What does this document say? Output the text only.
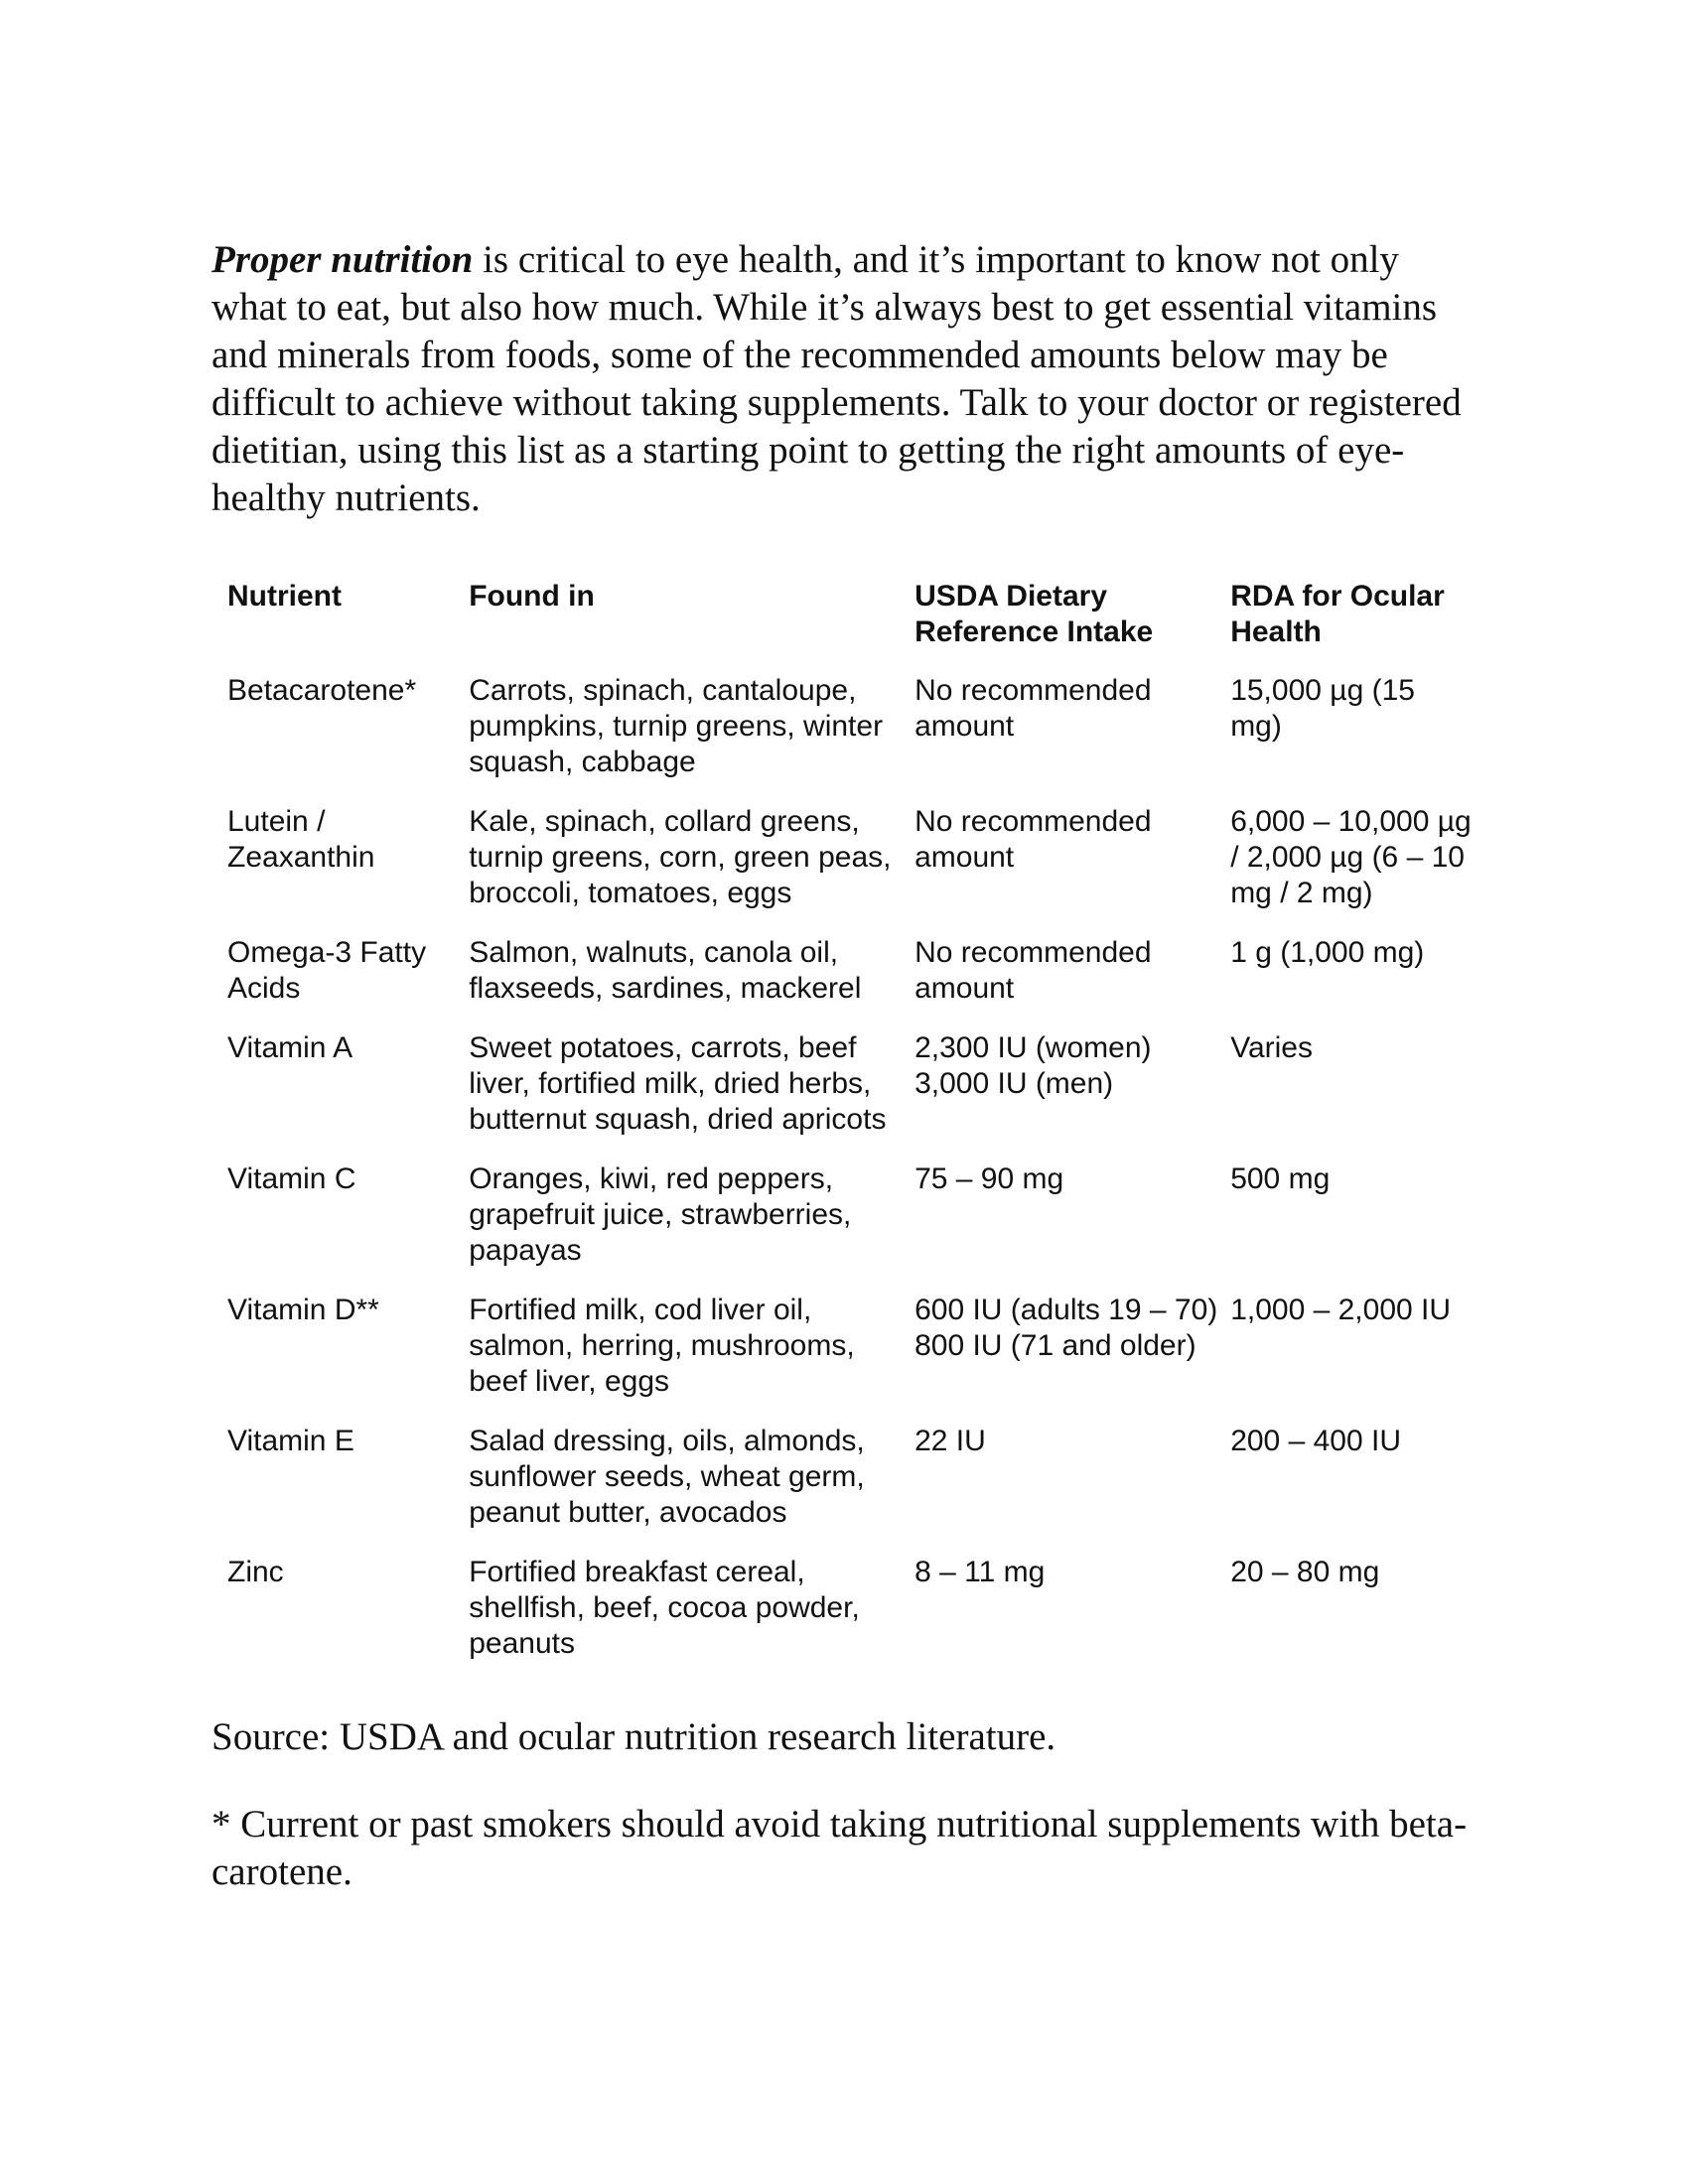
Proper nutrition is critical to eye health, and it’s important to know not only what to eat, but also how much. While it’s always best to get essential vitamins and minerals from foods, some of the recommended amounts below may be difficult to achieve without taking supplements. Talk to your doctor or registered dietitian, using this list as a starting point to getting the right amounts of eye-healthy nutrients.

Nutrient	Found in	USDA Dietary Reference Intake	RDA for Ocular Health
Betacarotene*	Carrots, spinach, cantaloupe, pumpkins, turnip greens, winter squash, cabbage	No recommended amount	15,000 µg (15 mg)
Lutein / Zeaxanthin	Kale, spinach, collard greens, turnip greens, corn, green peas, broccoli, tomatoes, eggs	No recommended amount	6,000 – 10,000 µg / 2,000 µg (6 – 10 mg / 2 mg)
Omega-3 Fatty Acids	Salmon, walnuts, canola oil, flaxseeds, sardines, mackerel	No recommended amount	1 g (1,000 mg)
Vitamin A	Sweet potatoes, carrots, beef liver, fortified milk, dried herbs, butternut squash, dried apricots	2,300 IU (women) 3,000 IU (men)	Varies
Vitamin C	Oranges, kiwi, red peppers, grapefruit juice, strawberries, papayas	75 – 90 mg	500 mg
Vitamin D**	Fortified milk, cod liver oil, salmon, herring, mushrooms, beef liver, eggs	600 IU (adults 19 – 70) 800 IU (71 and older)	1,000 – 2,000 IU
Vitamin E	Salad dressing, oils, almonds, sunflower seeds, wheat germ, peanut butter, avocados	22 IU	200 – 400 IU
Zinc	Fortified breakfast cereal, shellfish, beef, cocoa powder, peanuts	8 – 11 mg	20 – 80 mg

Source: USDA and ocular nutrition research literature.

* Current or past smokers should avoid taking nutritional supplements with beta-carotene.
